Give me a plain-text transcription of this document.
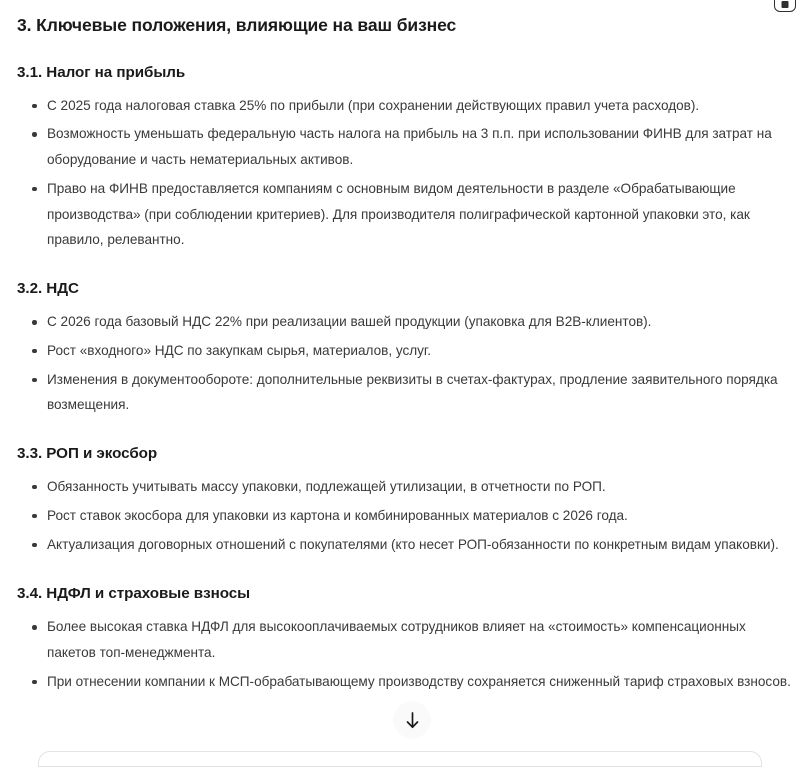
3. Ключевые положения, влияющие на ваш бизнес
3.1. Налог на прибыль
С 2025 года налоговая ставка 25% по прибыли (при сохранении действующих правил учета расходов).
Возможность уменьшать федеральную часть налога на прибыль на 3 п.п. при использовании ФИНВ для затрат на оборудование и часть нематериальных активов.
Право на ФИНВ предоставляется компаниям с основным видом деятельности в разделе «Обрабатывающие производства» (при соблюдении критериев). Для производителя полиграфической картонной упаковки это, как правило, релевантно.
3.2. НДС
С 2026 года базовый НДС 22% при реализации вашей продукции (упаковка для B2B-клиентов).
Рост «входного» НДС по закупкам сырья, материалов, услуг.
Изменения в документообороте: дополнительные реквизиты в счетах-фактурах, продление заявительного порядка возмещения.
3.3. РОП и экосбор
Обязанность учитывать массу упаковки, подлежащей утилизации, в отчетности по РОП.
Рост ставок экосбора для упаковки из картона и комбинированных материалов с 2026 года.
Актуализация договорных отношений с покупателями (кто несет РОП-обязанности по конкретным видам упаковки).
3.4. НДФЛ и страховые взносы
Более высокая ставка НДФЛ для высокооплачиваемых сотрудников влияет на «стоимость» компенсационных пакетов топ-менеджмента.
При отнесении компании к МСП-обрабатывающему производству сохраняется сниженный тариф страховых взносов.
